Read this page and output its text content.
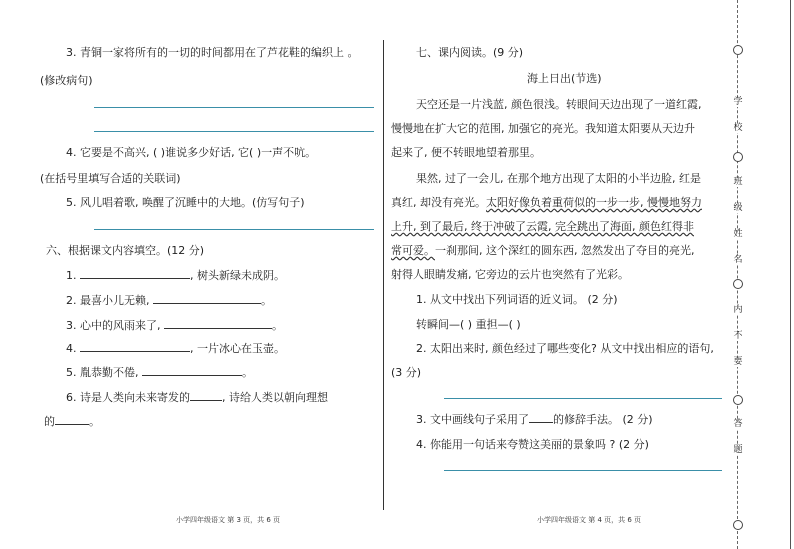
3. 青铜一家将所有的一切的时间都用在了芦花鞋的编织上 。
(修改病句)
4. 它要是不高兴, ( )谁说多少好话, 它( )一声不吭。
(在括号里填写合适的关联词)
5. 风儿唱着歌, 唤醒了沉睡中的大地。(仿写句子)
六、根据课文内容填空。(12 分)
1.	, 树头新绿未成阴。
2. 最喜小儿无赖,	。
3. 心中的风雨来了,	。
4.	, 一片冰心在玉壶。
5. 胤恭勤不倦,	。
6. 诗是人类向未来寄发的	, 诗给人类以朝向理想
的	。
小学四年级语文 第 3 页，共 6 页
七、课内阅读。(9 分)
海上日出(节选)
天空还是一片浅蓝, 颜色很浅。转眼间天边出现了一道红霞,
慢慢地在扩大它的范围, 加强它的亮光。我知道太阳要从天边升
起来了, 便不转眼地望着那里。
果然, 过了一会儿, 在那个地方出现了太阳的小半边脸, 红是
真红, 却没有亮光。太阳好像负着重荷似的一步一步, 慢慢地努力
上升, 到了最后, 终于冲破了云霞, 完全跳出了海面, 颜色红得非
常可爱。一刹那间, 这个深红的圆东西, 忽然发出了夺目的亮光,
射得人眼睛发痛, 它旁边的云片也突然有了光彩。
1. 从文中找出下列词语的近义词。 (2 分)
转瞬间—( ) 重担—( )
2. 太阳出来时, 颜色经过了哪些变化? 从文中找出相应的语句,
(3 分)
3. 文中画线句子采用了 的修辞手法。 (2 分)
4. 你能用一句话来夸赞这美丽的景象吗 ? (2 分)
小学四年级语文 第 4 页，共 6 页
学
校
班
级
姓
名
内
不
要
答
题
